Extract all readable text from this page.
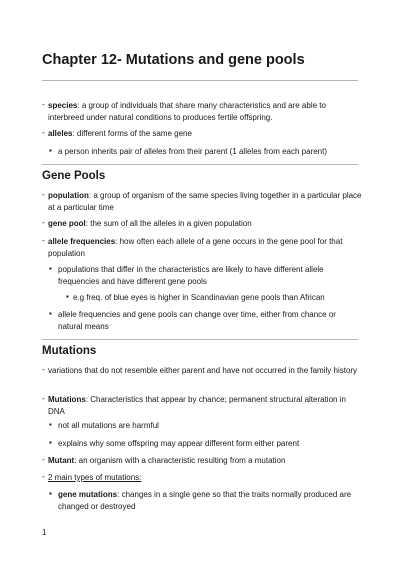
Chapter 12- Mutations and gene pools
- species: a group of individuals that share many characteristics and are able to interbreed under natural conditions to produces fertile offspring.
- alleles: different forms of the same gene
▪ a person inherits pair of alleles from their parent (1 alleles from each parent)
Gene Pools
- population: a group of organism of the same species living together in a particular place at a particular time
- gene pool: the sum of all the alleles in a given population
- allele frequencies: how often each allele of a gene occurs in the gene pool for that population
▪ populations that differ in the characteristics are likely to have different allele frequencies and have different gene pools
▪ e.g freq. of blue eyes is higher in Scandinavian gene pools than African
▪ allele frequencies and gene pools can change over time, either from chance or natural means
Mutations
- variations that do not resemble either parent and have not occurred in the family history
- Mutations: Characteristics that appear by chance; permanent structural alteration in DNA
▪ not all mutations are harmful
▪ explains why some offspring may appear different form either parent
- Mutant: an organism with a characteristic resulting from a mutation
- 2 main types of mutations:
▪ gene mutations: changes in a single gene so that the traits normally produced are changed or destroyed
1
